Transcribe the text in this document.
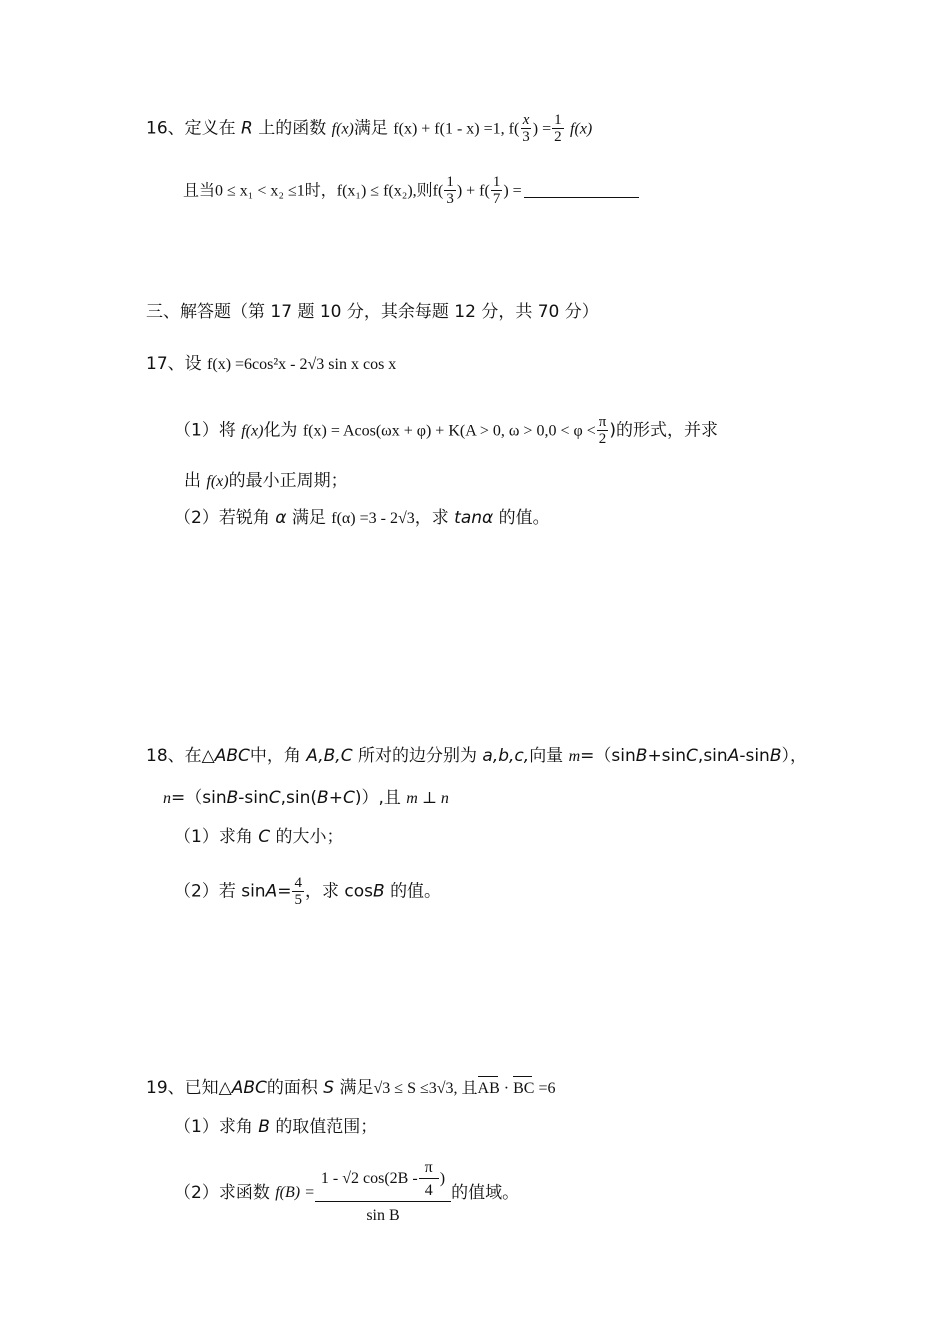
16、定义在 R 上的函数 f(x)满足 f(x) + f(1 - x) =1, $f( \frac{x}{3}$ ) = $\frac{1}{2} f(x)$
且当0 ≤ x₁ < x₂ ≤1时，f(x₁) ≤ f(x₂),则$f( \frac{1}{3}$ ) + $f( \frac{1}{7}$ ) =
三、解答题（第 17 题 10 分，其余每题 12 分，共 70 分）
17、设 f(x) =6cos²x - 2√3 sin x cos x
（1）将 f(x)化为 f(x) = Acos(ωx + φ) + K(A > 0, $\omega > 0,0 < \varphi < \frac{\pi}{2}$ )的形式，并求
出 f(x)的最小正周期；
（2）若锐角 α 满足 f(α) =3 - 2√3，求 tanα 的值。
18、在△ABC中，角 A,B,C 所对的边分别为 a,b,c,向量 m=（sinB+sinC,sinA-sinB），
n=（sinB-sinC,sin(B+C)）,且 m ⊥ n
（1）求角 C 的大小；
（2）若 $\sin A= \frac{4}{5}$ ，求 cosB 的值。
19、已知△ABC的面积 S 满足√3 ≤ S ≤3√3, 且AB · BC =6
（1）求角 B 的取值范围；
（2）求函数 $f(B) = \frac{1 - √2 \cos(2B - \frac{\pi}{4} )}{\text{sin B}}$ 的值域。
